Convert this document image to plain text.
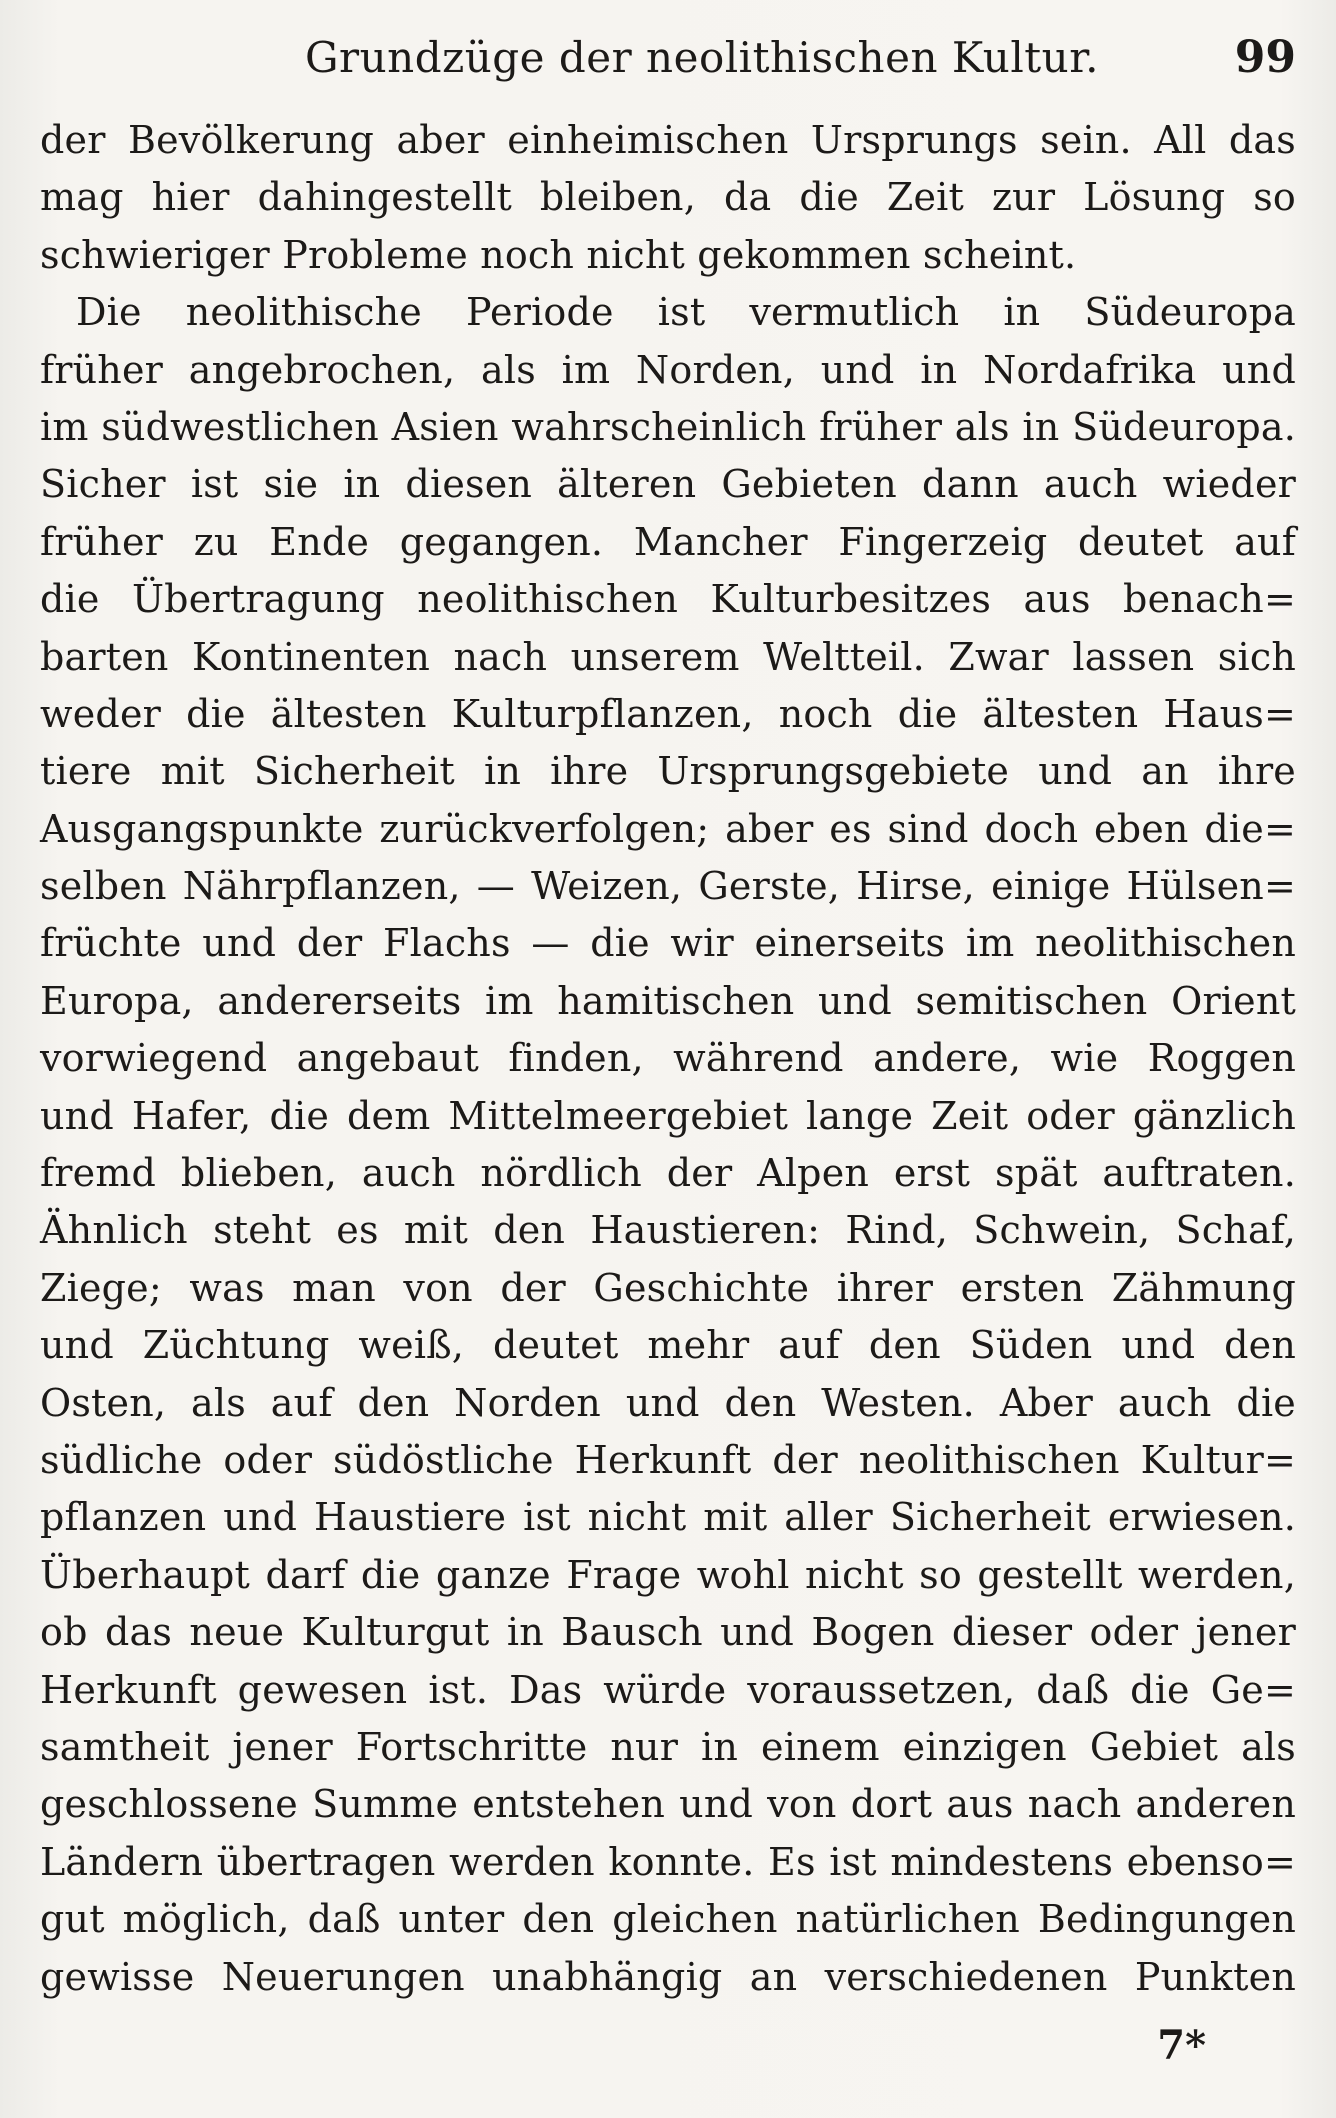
Grundzüge der neolithischen Kultur.	99
der Bevölkerung aber einheimischen Ursprungs sein. All das
mag hier dahingestellt bleiben, da die Zeit zur Lösung so
schwieriger Probleme noch nicht gekommen scheint.
Die neolithische Periode ist vermutlich in Südeuropa
früher angebrochen, als im Norden, und in Nordafrika und
im südwestlichen Asien wahrscheinlich früher als in Südeuropa.
Sicher ist sie in diesen älteren Gebieten dann auch wieder
früher zu Ende gegangen. Mancher Fingerzeig deutet auf
die Übertragung neolithischen Kulturbesitzes aus benach=
barten Kontinenten nach unserem Weltteil. Zwar lassen sich
weder die ältesten Kulturpflanzen, noch die ältesten Haus=
tiere mit Sicherheit in ihre Ursprungsgebiete und an ihre
Ausgangspunkte zurückverfolgen; aber es sind doch eben die=
selben Nährpflanzen, — Weizen, Gerste, Hirse, einige Hülsen=
früchte und der Flachs — die wir einerseits im neolithischen
Europa, andererseits im hamitischen und semitischen Orient
vorwiegend angebaut finden, während andere, wie Roggen
und Hafer, die dem Mittelmeergebiet lange Zeit oder gänzlich
fremd blieben, auch nördlich der Alpen erst spät auftraten.
Ähnlich steht es mit den Haustieren: Rind, Schwein, Schaf,
Ziege; was man von der Geschichte ihrer ersten Zähmung
und Züchtung weiß, deutet mehr auf den Süden und den
Osten, als auf den Norden und den Westen. Aber auch die
südliche oder südöstliche Herkunft der neolithischen Kultur=
pflanzen und Haustiere ist nicht mit aller Sicherheit erwiesen.
Überhaupt darf die ganze Frage wohl nicht so gestellt werden,
ob das neue Kulturgut in Bausch und Bogen dieser oder jener
Herkunft gewesen ist. Das würde voraussetzen, daß die Ge=
samtheit jener Fortschritte nur in einem einzigen Gebiet als
geschlossene Summe entstehen und von dort aus nach anderen
Ländern übertragen werden konnte. Es ist mindestens ebenso=
gut möglich, daß unter den gleichen natürlichen Bedingungen
gewisse Neuerungen unabhängig an verschiedenen Punkten
7*
